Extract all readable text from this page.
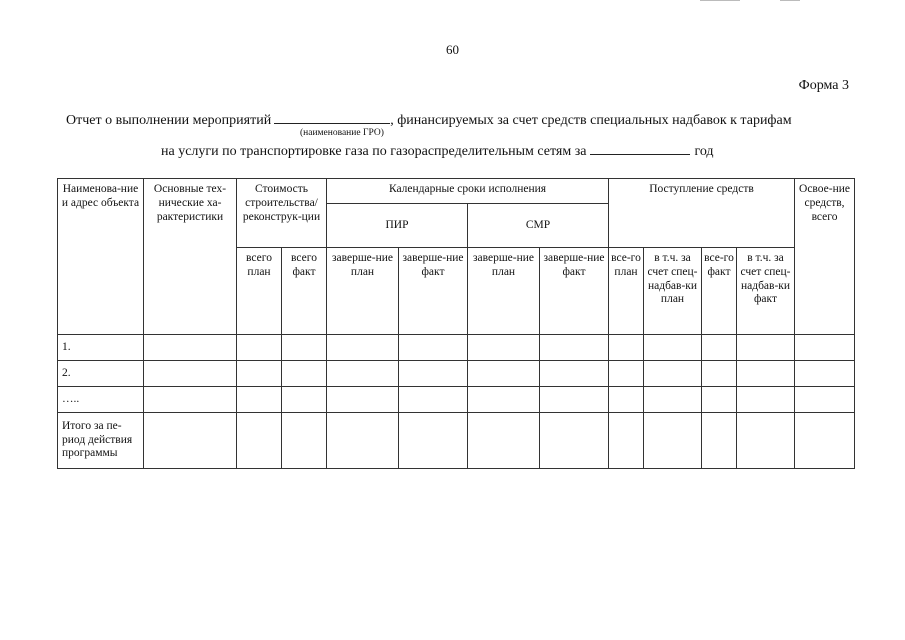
60
Форма 3
Отчет о выполнении мероприятий	, финансируемых за счет средств специальных надбавок к тарифам
(наименование ГРО)
на услуги по транспортировке газа по газораспределительным сетям за	год
Наименова-ние и адрес объекта	Основные тех-нические ха-рактеристики	Стоимость строительства/ реконструк-ции		Календарные сроки исполнения				Поступление средств				Освое-ние средств, всего
				ПИР		СМР						
		всего план	всего факт	заверше-ние план	заверше-ние факт	заверше-ние план	заверше-ние факт	все-го план	в т.ч. за счет спец-надбав-ки план	все-го факт	в т.ч. за счет спец-надбав-ки факт	
1.												
2.												
…..												
Итого за пе-риод действия программы												
